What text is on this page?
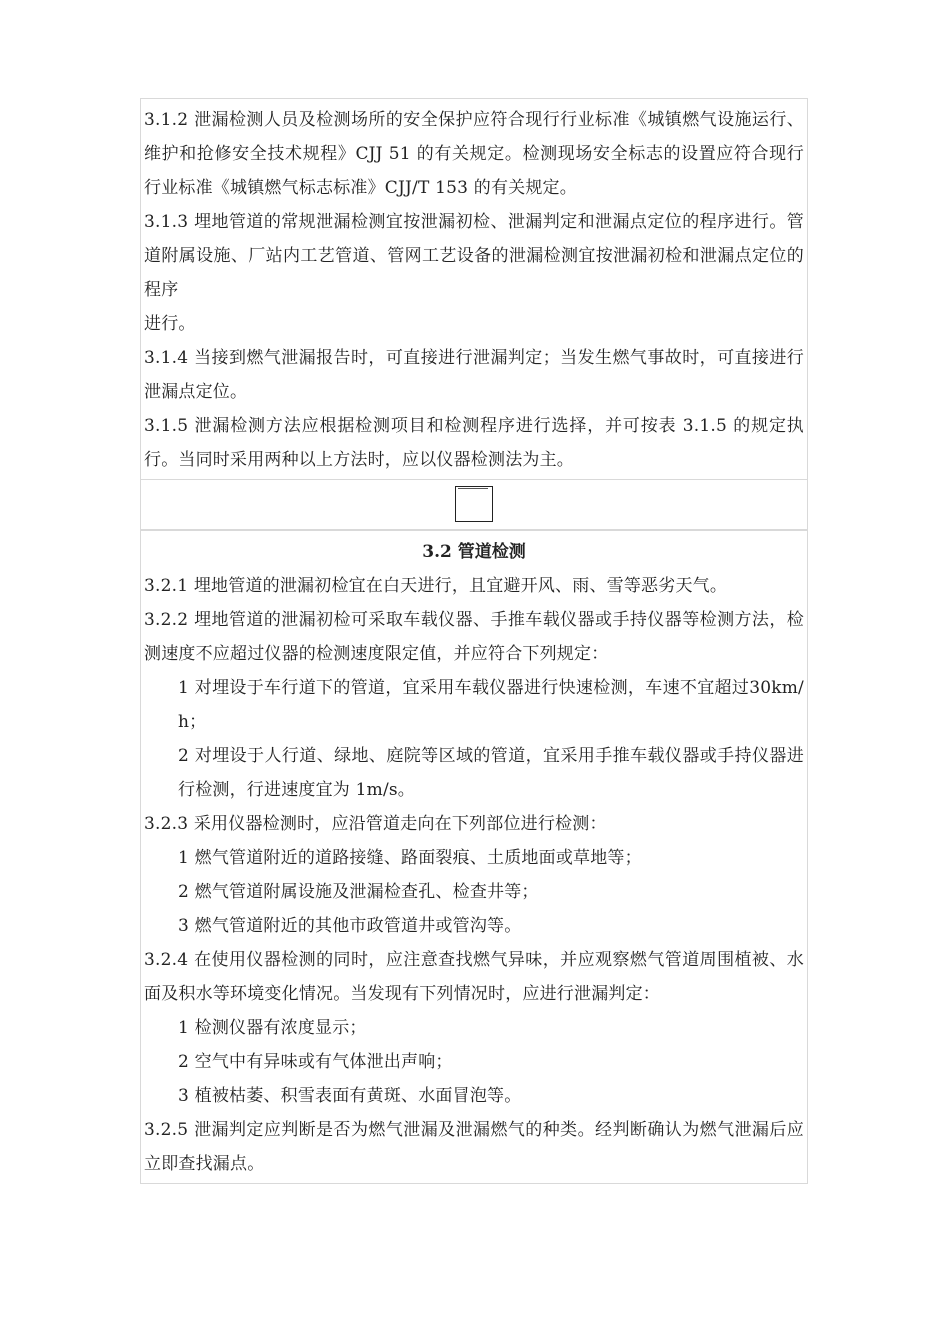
3.1.2 泄漏检测人员及检测场所的安全保护应符合现行行业标准《城镇燃气设施运行、维护和抢修安全技术规程》CJJ 51 的有关规定。检测现场安全标志的设置应符合现行行业标准《城镇燃气标志标准》CJJ/T 153 的有关规定。

3.1.3 埋地管道的常规泄漏检测宜按泄漏初检、泄漏判定和泄漏点定位的程序进行。管道附属设施、厂站内工艺管道、管网工艺设备的泄漏检测宜按泄漏初检和泄漏点定位的程序

进行。

3.1.4 当接到燃气泄漏报告时，可直接进行泄漏判定；当发生燃气事故时，可直接进行泄漏点定位。

3.1.5 泄漏检测方法应根据检测项目和检测程序进行选择，并可按表 3.1.5 的规定执行。当同时采用两种以上方法时，应以仪器检测法为主。

3.2 管道检测

3.2.1 埋地管道的泄漏初检宜在白天进行，且宜避开风、雨、雪等恶劣天气。

3.2.2 埋地管道的泄漏初检可采取车载仪器、手推车载仪器或手持仪器等检测方法，检测速度不应超过仪器的检测速度限定值，并应符合下列规定：

1 对埋设于车行道下的管道，宜采用车载仪器进行快速检测，车速不宜超过30km/h；

2 对埋设于人行道、绿地、庭院等区域的管道，宜采用手推车载仪器或手持仪器进行检测，行进速度宜为 1m/s。

3.2.3 采用仪器检测时，应沿管道走向在下列部位进行检测：

1 燃气管道附近的道路接缝、路面裂痕、土质地面或草地等；

2 燃气管道附属设施及泄漏检查孔、检查井等；

3 燃气管道附近的其他市政管道井或管沟等。

3.2.4 在使用仪器检测的同时，应注意查找燃气异味，并应观察燃气管道周围植被、水面及积水等环境变化情况。当发现有下列情况时，应进行泄漏判定：

1 检测仪器有浓度显示；

2 空气中有异味或有气体泄出声响；

3 植被枯萎、积雪表面有黄斑、水面冒泡等。

3.2.5 泄漏判定应判断是否为燃气泄漏及泄漏燃气的种类。经判断确认为燃气泄漏后应立即查找漏点。
